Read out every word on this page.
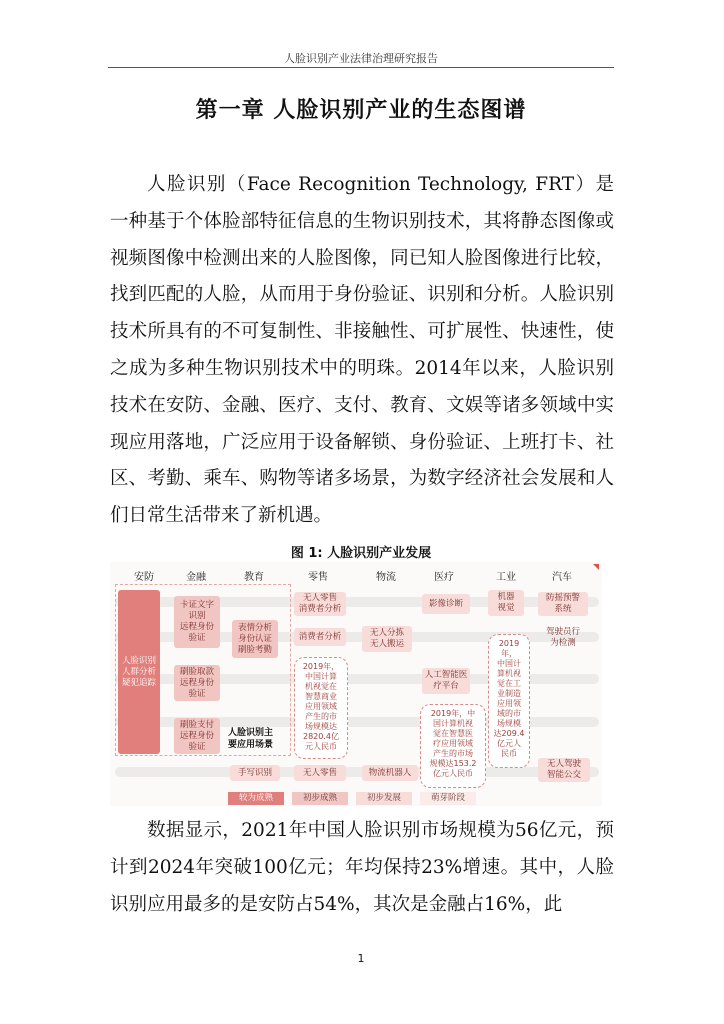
人脸识别产业法律治理研究报告
第一章 人脸识别产业的生态图谱
人脸识别（Face Recognition Technology, FRT）是一种基于个体脸部特征信息的生物识别技术，其将静态图像或视频图像中检测出来的人脸图像，同已知人脸图像进行比较，找到匹配的人脸，从而用于身份验证、识别和分析。人脸识别技术所具有的不可复制性、非接触性、可扩展性、快速性，使之成为多种生物识别技术中的明珠。2014年以来，人脸识别技术在安防、金融、医疗、支付、教育、文娱等诸多领域中实现应用落地，广泛应用于设备解锁、身份验证、上班打卡、社区、考勤、乘车、购物等诸多场景，为数字经济社会发展和人们日常生活带来了新机遇。
图 1: 人脸识别产业发展
安防	金融	教育	零售	物流	医疗	工业	汽车
人脸识别
人群分析
疑犯追踪
卡证文字
识别
远程身份
验证
刷脸取款
远程身份
验证
刷脸支付
远程身份
验证
表情分析
身份认证
刷脸考勤
人脸识别主
要应用场景
无人零售
消费者分析
消费者分析
2019年，
中国计算
机视觉在
智慧商业
应用领域
产生的市
场规模达
2820.4亿
元人民币
无人分拣
无人搬运
影像诊断
人工智能医
疗平台
2019年，中
国计算机视
觉在智慧医
疗应用领域
产生的市场
规模达153.2
亿元人民币
机器
视觉
2019年，
中国计
算机视
觉在工
业制造
应用领
域的市
场规模
达209.4
亿元人
民币
防摇预警
系统
驾驶员行
为检测
无人驾驶
智能公交
手写识别	无人零售	物流机器人
较为成熟	初步成熟	初步发展	萌芽阶段
数据显示，2021年中国人脸识别市场规模为56亿元，预计到2024年突破100亿元；年均保持23%增速。其中，人脸识别应用最多的是安防占54%，其次是金融占16%，此
1
